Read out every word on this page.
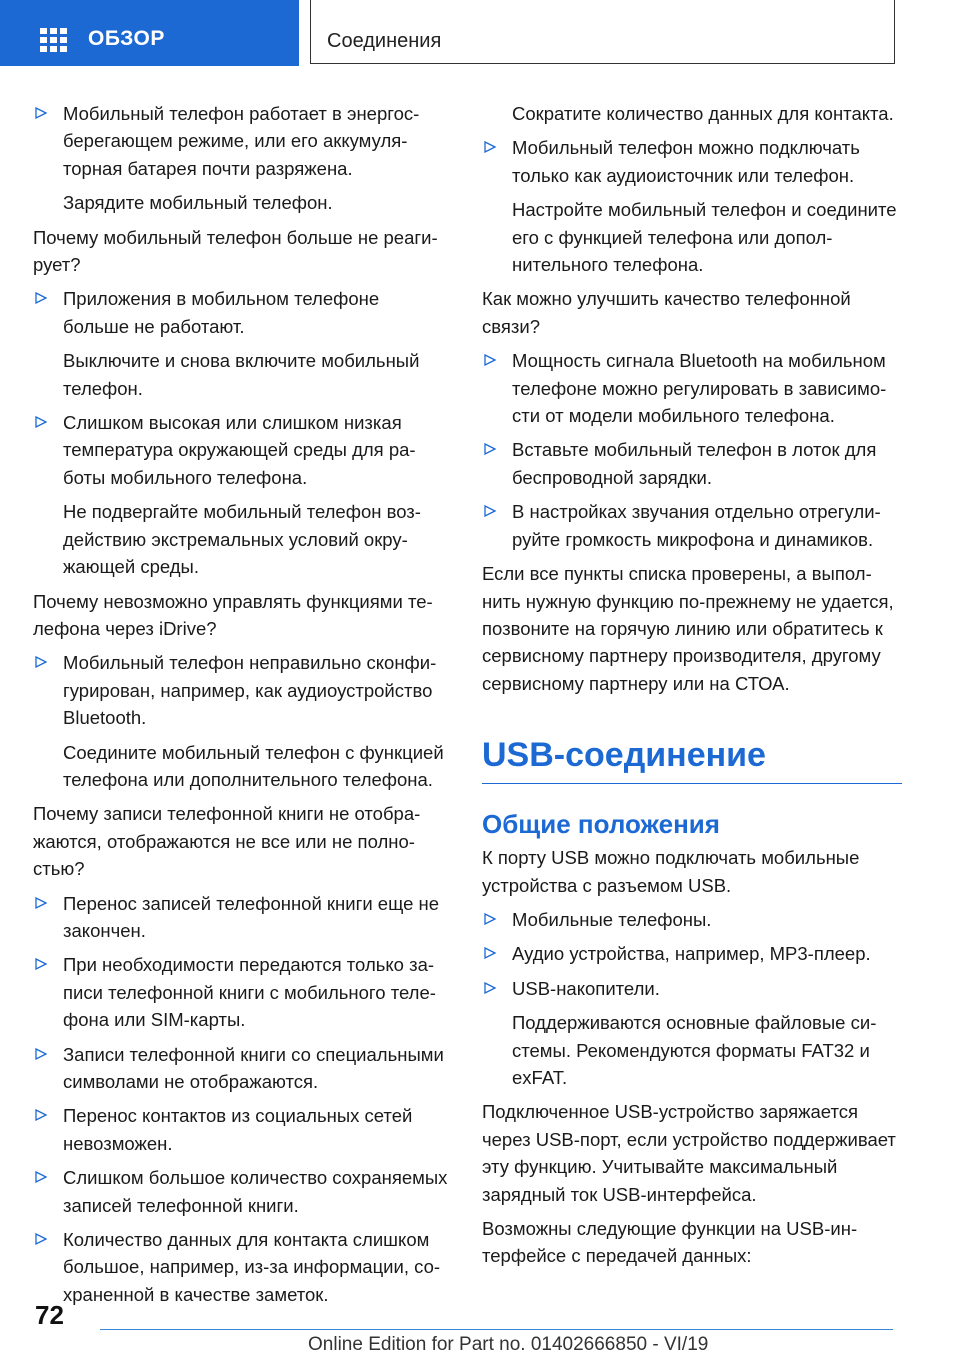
ОБЗОР	Соединения
Мобильный телефон работает в энергосберегающем режиме, или его аккумуляторная батарея почти разряжена.
Зарядите мобильный телефон.
Почему мобильный телефон больше не реагирует?
Приложения в мобильном телефоне больше не работают.
Выключите и снова включите мобильный телефон.
Слишком высокая или слишком низкая температура окружающей среды для работы мобильного телефона.
Не подвергайте мобильный телефон воздействию экстремальных условий окружающей среды.
Почему невозможно управлять функциями телефона через iDrive?
Мобильный телефон неправильно сконфигурирован, например, как аудиоустройство Bluetooth.
Соедините мобильный телефон с функцией телефона или дополнительного телефона.
Почему записи телефонной книги не отображаются, отображаются не все или не полностью?
Перенос записей телефонной книги еще не закончен.
При необходимости передаются только записи телефонной книги с мобильного телефона или SIM-карты.
Записи телефонной книги со специальными символами не отображаются.
Перенос контактов из социальных сетей невозможен.
Слишком большое количество сохраняемых записей телефонной книги.
Количество данных для контакта слишком большое, например, из-за информации, сохраненной в качестве заметок.
Сократите количество данных для контакта.
Мобильный телефон можно подключать только как аудиоисточник или телефон.
Настройте мобильный телефон и соедините его с функцией телефона или дополнительного телефона.
Как можно улучшить качество телефонной связи?
Мощность сигнала Bluetooth на мобильном телефоне можно регулировать в зависимости от модели мобильного телефона.
Вставьте мобильный телефон в лоток для беспроводной зарядки.
В настройках звучания отдельно отрегулируйте громкость микрофона и динамиков.
Если все пункты списка проверены, а выполнить нужную функцию по-прежнему не удается, позвоните на горячую линию или обратитесь к сервисному партнеру производителя, другому сервисному партнеру или на СТОА.
USB-соединение
Общие положения
К порту USB можно подключать мобильные устройства с разъемом USB.
Мобильные телефоны.
Аудио устройства, например, MP3-плеер.
USB-накопители.
Поддерживаются основные файловые системы. Рекомендуются форматы FAT32 и exFAT.
Подключенное USB-устройство заряжается через USB-порт, если устройство поддерживает эту функцию. Учитывайте максимальный зарядный ток USB-интерфейса.
Возможны следующие функции на USB-интерфейсе с передачей данных:
72
Online Edition for Part no. 01402666850 - VI/19
